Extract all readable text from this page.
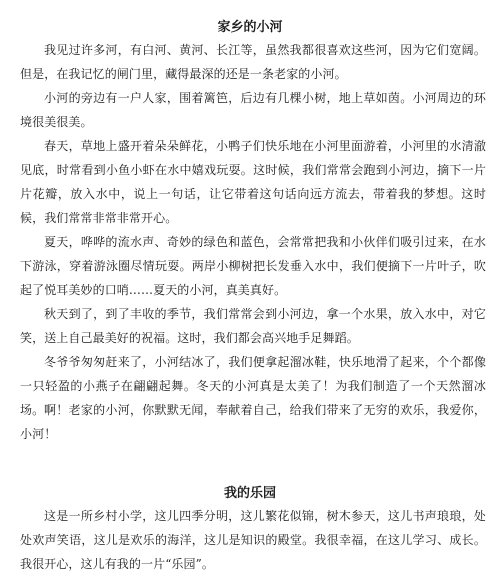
家乡的小河

我见过许多河，有白河、黄河、长江等，虽然我都很喜欢这些河，因为它们宽阔。但是，在我记忆的闸门里，藏得最深的还是一条老家的小河。

小河的旁边有一户人家，围着篱笆，后边有几棵小树，地上草如茵。小河周边的环境很美很美。

春天，草地上盛开着朵朵鲜花，小鸭子们快乐地在小河里面游着，小河里的水清澈见底，时常看到小鱼小虾在水中嬉戏玩耍。这时候，我们常常会跑到小河边，摘下一片片花瓣，放入水中，说上一句话，让它带着这句话向远方流去，带着我的梦想。这时候，我们常常非常非常开心。

夏天，哗哗的流水声、奇妙的绿色和蓝色，会常常把我和小伙伴们吸引过来，在水下游泳，穿着游泳圈尽情玩耍。两岸小柳树把长发垂入水中，我们便摘下一片叶子，吹起了悦耳美妙的口哨……夏天的小河，真美真好。

秋天到了，到了丰收的季节，我们常常会到小河边，拿一个水果，放入水中，对它笑，送上自己最美好的祝福。这时，我们都会高兴地手足舞蹈。

冬爷爷匆匆赶来了，小河结冰了，我们便拿起溜冰鞋，快乐地滑了起来，个个都像一只轻盈的小燕子在翩翩起舞。冬天的小河真是太美了！为我们制造了一个天然溜冰场。 啊！老家的小河，你默默无闻，奉献着自己，给我们带来了无穷的欢乐，我爱你，小河！

我的乐园

这是一所乡村小学，这儿四季分明，这儿繁花似锦，树木参天，这儿书声琅琅，处处欢声笑语，这儿是欢乐的海洋，这儿是知识的殿堂。我很幸福，在这儿学习、成长。我很开心，这儿有我的一片“乐园”。
